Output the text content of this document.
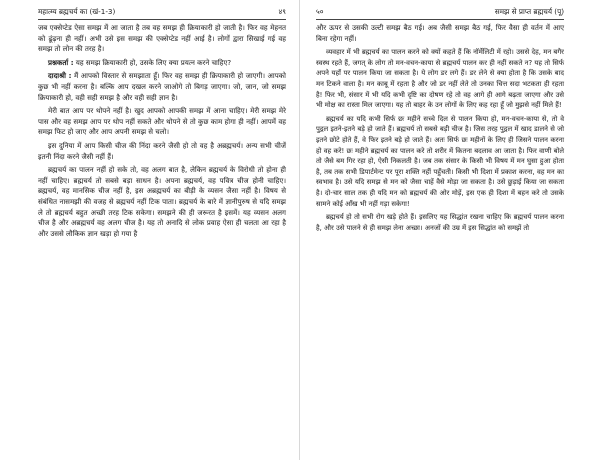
महात्म्य ब्रह्मचर्य का (खं-1-3)	४९

जब एक्सेप्टेड ऐसा समझ में आ जाता है तब वह समझ ही क्रियाकारी हो जाती है। फिर वह मेहनत को ढूंढ़ना ही नहीं। अभी उसे इस समझ की एक्सेप्टेड नहीं आई है। लोगों द्वारा सिखाई गई वह समझ तो लोन की तरह है।

प्रश्नकर्ता : यह समझ क्रियाकारी हो, उसके लिए क्या प्रयत्न करने चाहिए?

दादाश्री : मैं आपको विस्तार से समझाता हूँ। फिर वह समझ ही क्रियाकारी हो जाएगी। आपको कुछ भी नहीं करना है। बल्कि आप दखल करने जाओगे तो बिगड़ जाएगा। जो, जान, जो समझ क्रियाकारी हो, वही सही समझ है और वही सही ज्ञान है।

मेरी बात आप पर थोपने नहीं है। खुद आपको आपकी समझ में आना चाहिए। मेरी समझ मेरे पास और वह समझ आप पर थोप नहीं सकते और थोपने से तो कुछ काम होगा ही नहीं। आपमें वह समझ फिट हो जाए और आप अपनी समझ से चलो।

इस दुनिया में आप किसी चीज की निंदा करने जैसी हो तो वह है अब्रह्मचर्य। अन्य सभी चीजें इतनी निंदा करने जैसी नहीं हैं।

ब्रह्मचर्य का पालन नहीं हो सके तो, वह अलग बात है, लेकिन ब्रह्मचर्य के विरोधी तो होना ही नहीं चाहिए। ब्रह्मचर्य तो सबसे बड़ा साधन है। अपना ब्रह्मचर्य, वह पवित्र चीज होनी चाहिए। ब्रह्मचर्य, वह मानसिक चीज नहीं है, इस अब्रह्मचर्य का बीड़ी के व्यसन जैसा नहीं है। विषय से संबंधित नासमझी की वजह से ब्रह्मचर्य नहीं टिक पाता। ब्रह्मचर्य के बारे में ज्ञानीपुरुष से यदि समझ ले तो ब्रह्मचर्य बहुत अच्छी तरह टिक सकेगा। समझने की ही जरूरत है इसमें। यह व्यसन अलग चीज है और अब्रह्मचर्य वह अलग चीज है। यह तो अनादि से लोक प्रवाह ऐसा ही चलता आ रहा है और उससे लौकिक ज्ञान खड़ा हो गया है

५०	समझ से प्राप्त ब्रह्मचर्य (पू)

और ऊपर से उसकी उल्टी समझ बैठ गई। अब जैसी समझ बैठ गई, फिर वैसा ही वर्तन में आए बिना रहेगा नहीं।

व्यवहार में भी ब्रह्मचर्य का पालन करने को क्यों कहते हैं कि नॉर्मेलिटी में रहो। उससे देह, मन बगैर स्वस्थ रहते हैं, जगत् के लोग तो मन-वचन-काया से ब्रह्मचर्य पालन कर ही नहीं सकते न? यह तो सिर्फ अपने यहाँ पर पालन किया जा सकता है। ये लोग डर लगे हैं। डर लेने से क्या होता है कि उसके बाद मन टिकने वाला है। मन काबू में रहता है और जो डर नहीं लेते तो उनका चित्त सदा भटकता ही रहता है! फिर भी, संसार में भी यदि कभी दृष्टि का दोषण रहे तो वह आगे ही आगे बढ़ता जाएगा और उसे भी मोक्ष का रास्ता मिल जाएगा। यह तो बाहर के उन लोगों के लिए कह रहा हूँ जो मुझसे नहीं मिले हैं!

ब्रह्मचर्य का यदि कभी सिर्फ छः महीने सच्चे दिल से पालन किया हो, मन-वचन-काया से, तो वे पुद्गल इतने-इतने बड़े हो जाते हैं। ब्रह्मचर्य तो सबसे बड़ी चीज है। जिस तरह पुद्गल में खाद डालने से जो इतने छोटे होते हैं, वे फिर इतने बड़े हो जाते हैं। अतः सिर्फ छः महीनों के लिए ही जिसने पालन करना हो वह करे! छः महीने ब्रह्मचर्य का पालन करे तो शरीर में कितना बदलाव आ जाता है। फिर वाणी बोले तो जैसे बम गिर रहा हो, ऐसी निकलती है। जब तक संसार के किसी भी विषय में मन घुसा हुआ होता है, तब तक सभी डिपार्टमेन्ट पर पूरा शक्ति नहीं पहुँचती। किसी भी दिशा में प्रकाश करना, वह मन का स्वभाव है। उसे यदि समझ से मन को जैसा चाहें वैसे मोड़ा जा सकता है। उसे छुड़ाई किया जा सकता है। दो-चार साल तक ही यदि मन को ब्रह्मचर्य की ओर मोड़ें, इस एक ही दिशा में बहन करे तो उसके सामने कोई आँख भी नहीं गड़ा सकेगा!

ब्रह्मचर्य हो तो सभी रोग खड़े होते हैं। इसलिए यह सिद्धांत रखना चाहिए कि ब्रह्मचर्य पालन करना है, और उसे पालने से ही समझ लेना अच्छा। अनजों की उम्र में इस सिद्धांत को समझें तो
